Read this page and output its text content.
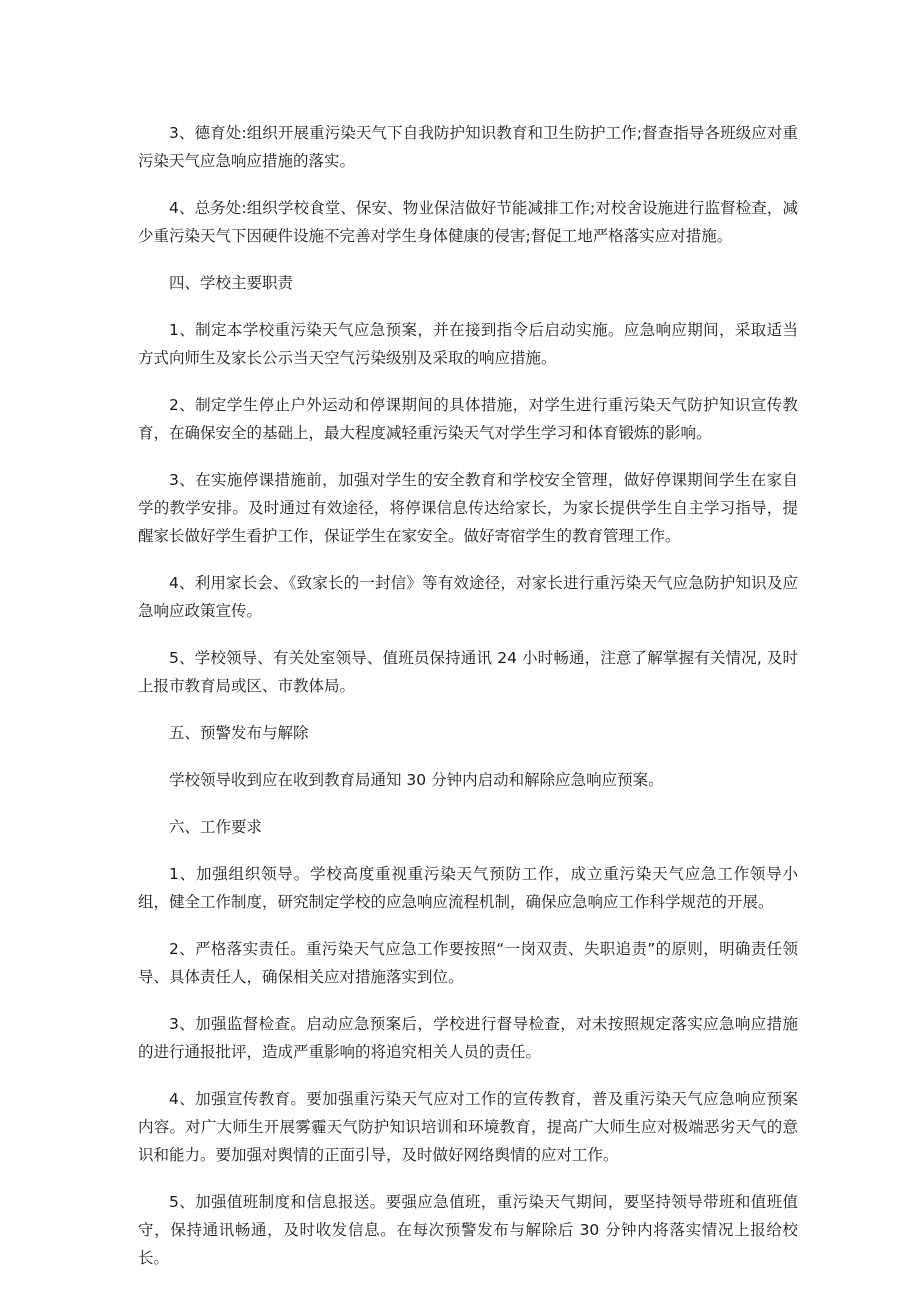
3、德育处:组织开展重污染天气下自我防护知识教育和卫生防护工作;督查指导各班级应对重污染天气应急响应措施的落实。

4、总务处:组织学校食堂、保安、物业保洁做好节能减排工作;对校舍设施进行监督检查，减少重污染天气下因硬件设施不完善对学生身体健康的侵害;督促工地严格落实应对措施。

四、学校主要职责

1、制定本学校重污染天气应急预案，并在接到指令后启动实施。应急响应期间，采取适当方式向师生及家长公示当天空气污染级别及采取的响应措施。

2、制定学生停止户外运动和停课期间的具体措施，对学生进行重污染天气防护知识宣传教育，在确保安全的基础上，最大程度减轻重污染天气对学生学习和体育锻炼的影响。

3、在实施停课措施前，加强对学生的安全教育和学校安全管理，做好停课期间学生在家自学的教学安排。及时通过有效途径，将停课信息传达给家长，为家长提供学生自主学习指导，提醒家长做好学生看护工作，保证学生在家安全。做好寄宿学生的教育管理工作。

4、利用家长会、《致家长的一封信》等有效途径，对家长进行重污染天气应急防护知识及应急响应政策宣传。

5、学校领导、有关处室领导、值班员保持通讯 24 小时畅通，注意了解掌握有关情况, 及时上报市教育局或区、市教体局。

五、预警发布与解除

学校领导收到应在收到教育局通知 30 分钟内启动和解除应急响应预案。

六、工作要求

1、加强组织领导。学校高度重视重污染天气预防工作，成立重污染天气应急工作领导小组，健全工作制度，研究制定学校的应急响应流程机制，确保应急响应工作科学规范的开展。

2、严格落实责任。重污染天气应急工作要按照“一岗双责、失职追责”的原则，明确责任领导、具体责任人，确保相关应对措施落实到位。

3、加强监督检查。启动应急预案后，学校进行督导检查，对未按照规定落实应急响应措施的进行通报批评，造成严重影响的将追究相关人员的责任。

4、加强宣传教育。要加强重污染天气应对工作的宣传教育，普及重污染天气应急响应预案内容。对广大师生开展雾霾天气防护知识培训和环境教育，提高广大师生应对极端恶劣天气的意识和能力。要加强对舆情的正面引导，及时做好网络舆情的应对工作。

5、加强值班制度和信息报送。要强应急值班，重污染天气期间，要坚持领导带班和值班值守，保持通讯畅通，及时收发信息。在每次预警发布与解除后 30 分钟内将落实情况上报给校长。
